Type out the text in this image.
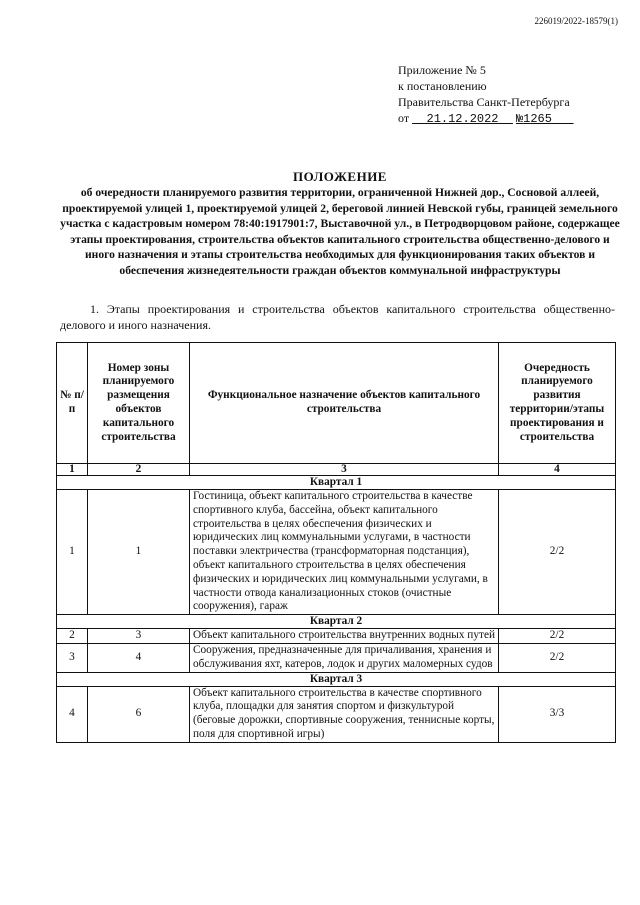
226019/2022-18579(1)
Приложение № 5
к постановлению
Правительства Санкт-Петербурга
от 21.12.2022 №1265
ПОЛОЖЕНИЕ
об очередности планируемого развития территории, ограниченной Нижней дор., Сосновой аллеей, проектируемой улицей 1, проектируемой улицей 2, береговой линией Невской губы, границей земельного участка с кадастровым номером 78:40:1917901:7, Выставочной ул., в Петродворцовом районе, содержащее этапы проектирования, строительства объектов капитального строительства общественно-делового и иного назначения и этапы строительства необходимых для функционирования таких объектов и обеспечения жизнедеятельности граждан объектов коммунальной инфраструктуры
1. Этапы проектирования и строительства объектов капитального строительства общественно-делового и иного назначения.
№ п/п	Номер зоны планируемого размещения объектов капитального строительства	Функциональное назначение объектов капитального строительства	Очередность планируемого развития территории/этапы проектирования и строительства
1	2	3	4
Квартал 1			
1	1	Гостиница, объект капитального строительства в качестве спортивного клуба, бассейна, объект капитального строительства в целях обеспечения физических и юридических лиц коммунальными услугами, в частности поставки электричества (трансформаторная подстанция), объект капитального строительства в целях обеспечения физических и юридических лиц коммунальными услугами, в частности отвода канализационных стоков (очистные сооружения), гараж	2/2
Квартал 2			
2	3	Объект капитального строительства внутренних водных путей	2/2
3	4	Сооружения, предназначенные для причаливания, хранения и обслуживания яхт, катеров, лодок и других маломерных судов	2/2
Квартал 3			
4	6	Объект капитального строительства в качестве спортивного клуба, площадки для занятия спортом и физкультурой (беговые дорожки, спортивные сооружения, теннисные корты, поля для спортивной игры)	3/3
